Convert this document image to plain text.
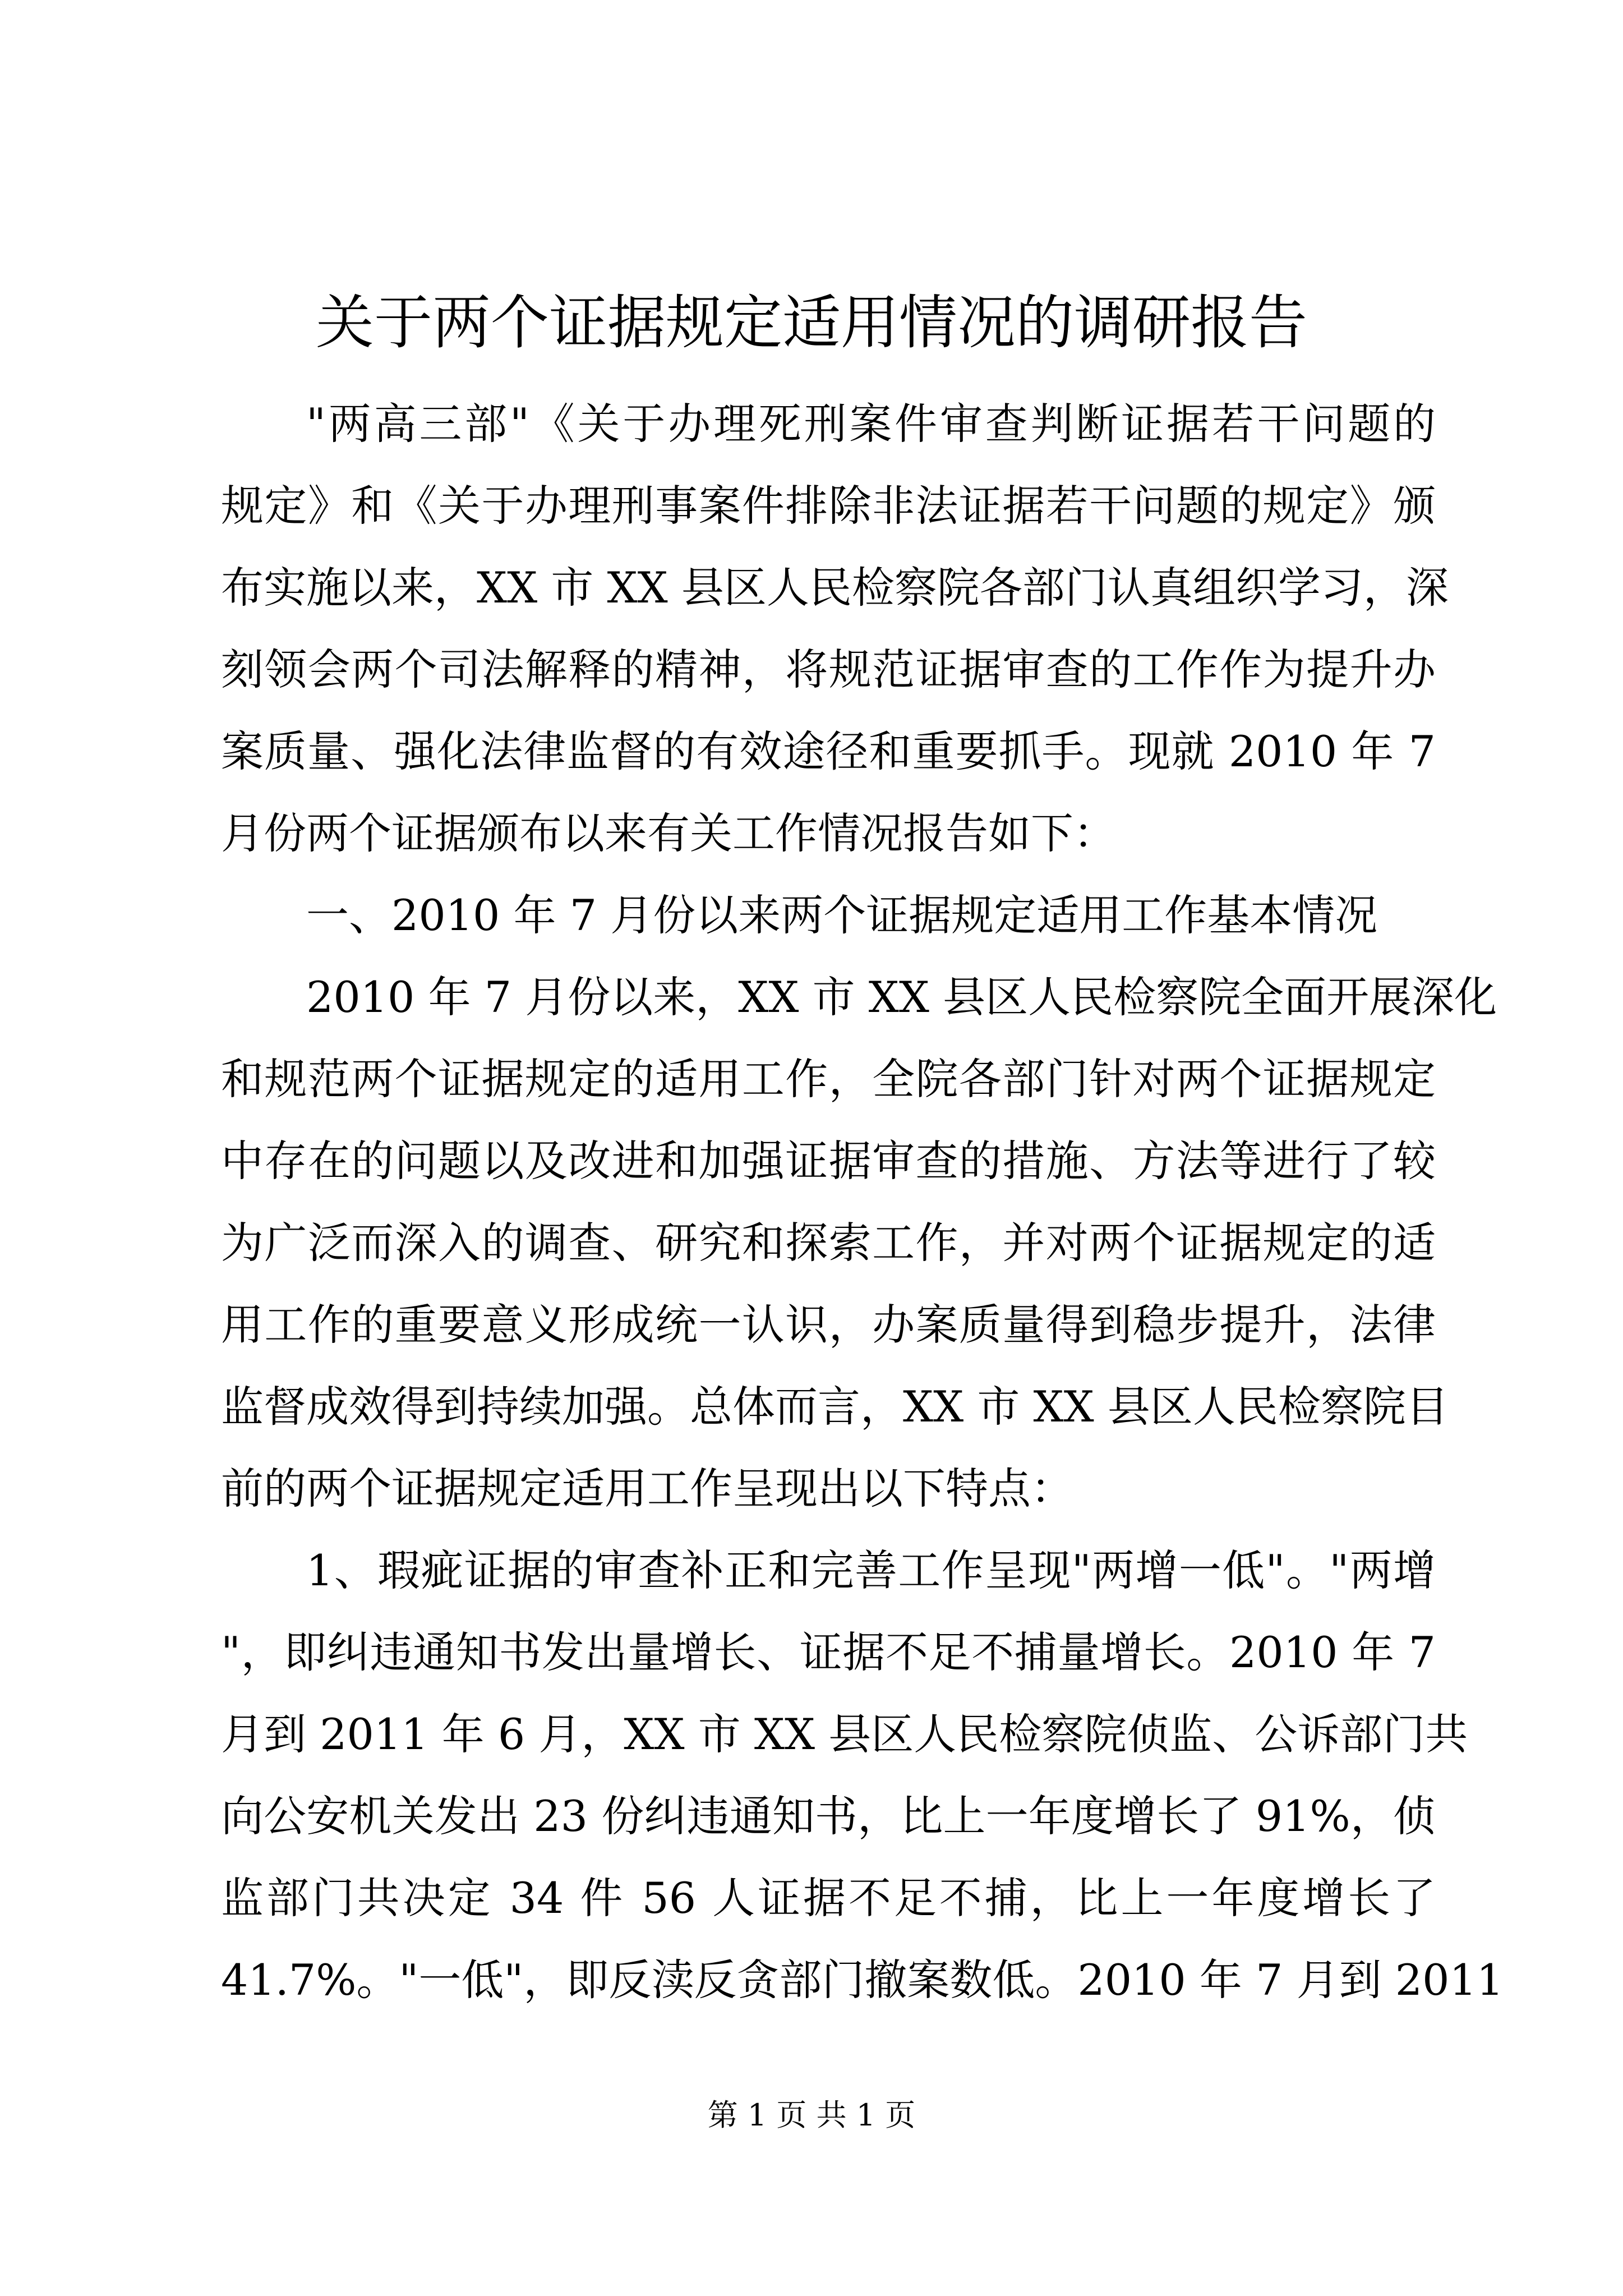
关于两个证据规定适用情况的调研报告
"两高三部"《关于办理死刑案件审查判断证据若干问题的
规定》和《关于办理刑事案件排除非法证据若干问题的规定》颁
布实施以来，XX 市 XX 县区人民检察院各部门认真组织学习，深
刻领会两个司法解释的精神，将规范证据审查的工作作为提升办
案质量、强化法律监督的有效途径和重要抓手。现就 2010 年 7
月份两个证据颁布以来有关工作情况报告如下：
一、2010 年 7 月份以来两个证据规定适用工作基本情况
2010 年 7 月份以来，XX 市 XX 县区人民检察院全面开展深化
和规范两个证据规定的适用工作，全院各部门针对两个证据规定
中存在的问题以及改进和加强证据审查的措施、方法等进行了较
为广泛而深入的调查、研究和探索工作，并对两个证据规定的适
用工作的重要意义形成统一认识，办案质量得到稳步提升，法律
监督成效得到持续加强。总体而言，XX 市 XX 县区人民检察院目
前的两个证据规定适用工作呈现出以下特点：
1、瑕疵证据的审查补正和完善工作呈现"两增一低"。"两增
"，即纠违通知书发出量增长、证据不足不捕量增长。2010 年 7
月到 2011 年 6 月，XX 市 XX 县区人民检察院侦监、公诉部门共
向公安机关发出 23 份纠违通知书，比上一年度增长了 91%，侦
监部门共决定 34 件 56 人证据不足不捕，比上一年度增长了
41.7%。"一低"，即反渎反贪部门撤案数低。2010 年 7 月到 2011
第 1 页 共 1 页
